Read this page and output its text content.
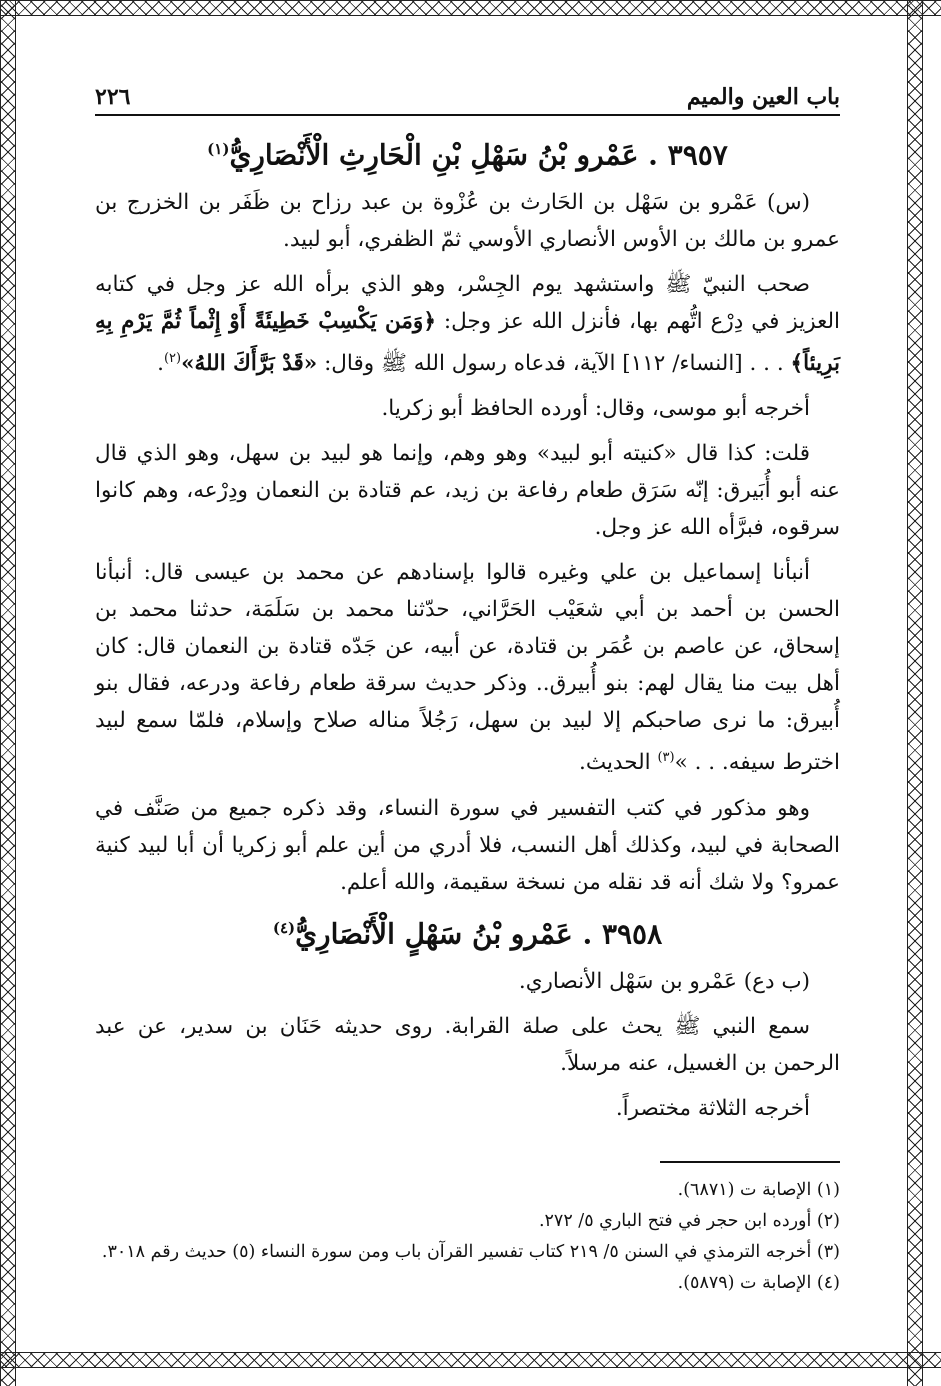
باب العين والميم
٢٢٦
٣٩٥٧ . عَمْرو بْنُ سَهْلِ بْنِ الْحَارِثِ الْأَنْصَارِيُّ$^{(١)}$

(س) عَمْرو بن سَهْل بن الحَارث بن عُزْوة بن عبد رزاح بن ظَفَر بن الخزرج بن عمرو بن مالك بن الأوس الأنصاري الأوسي ثمّ الظفري، أبو لبيد.

صحب النبيّ ﷺ واستشهد يوم الجِسْر، وهو الذي برأه الله عز وجل في كتابه العزيز في دِرْع اتُّهم بها، فأنزل الله عز وجل: ﴿وَمَن يَكْسِبْ خَطِيئَةً أَوْ إِثْماً ثُمَّ يَرْمِ بِهِ بَرِيئاً﴾ . . . [النساء/ ١١٢] الآية، فدعاه رسول الله ﷺ وقال: «قَدْ بَرَّأَكَ اللهُ»$^{(٢)}$.

أخرجه أبو موسى، وقال: أورده الحافظ أبو زكريا.

قلت: كذا قال «كنيته أبو لبيد» وهو وهم، وإنما هو لبيد بن سهل، وهو الذي قال عنه أبو أُبَيرق: إنّه سَرَق طعام رفاعة بن زيد، عم قتادة بن النعمان ودِرْعه، وهم كانوا سرقوه، فبرَّأه الله عز وجل.

أنبأنا إسماعيل بن علي وغيره قالوا بإسنادهم عن محمد بن عيسى قال: أنبأنا الحسن بن أحمد بن أبي شعَيْب الحَرَّاني، حدّثنا محمد بن سَلَمَة، حدثنا محمد بن إسحاق، عن عاصم بن عُمَر بن قتادة، عن أبيه، عن جَدّه قتادة بن النعمان قال: كان أهل بيت منا يقال لهم: بنو أُبيرق.. وذكر حديث سرقة طعام رفاعة ودرعه، فقال بنو أُبيرق: ما نرى صاحبكم إلا لبيد بن سهل، رَجُلاً مناله صلاح وإسلام، فلمّا سمع لبيد اخترط سيفه. . . »$^{(٣)}$ الحديث.

وهو مذكور في كتب التفسير في سورة النساء، وقد ذكره جميع من صَنَّف في الصحابة في لبيد، وكذلك أهل النسب، فلا أدري من أين علم أبو زكريا أن أبا لبيد كنية عمرو؟ ولا شك أنه قد نقله من نسخة سقيمة، والله أعلم.

٣٩٥٨ . عَمْرو بْنُ سَهْلٍ الْأَنْصَارِيُّ$^{(٤)}$

(ب دع) عَمْرو بن سَهْل الأنصاري.

سمع النبي ﷺ يحث على صلة القرابة. روى حديثه حَنَان بن سدير، عن عبد الرحمن بن الغسيل، عنه مرسلاً.

أخرجه الثلاثة مختصراً.

(١) الإصابة ت (٦٨٧١).
(٢) أورده ابن حجر في فتح الباري ٥/ ٢٧٢.
(٣) أخرجه الترمذي في السنن ٥/ ٢١٩ كتاب تفسير القرآن باب ومن سورة النساء (٥) حديث رقم ٣٠١٨.
(٤) الإصابة ت (٥٨٧٩).
